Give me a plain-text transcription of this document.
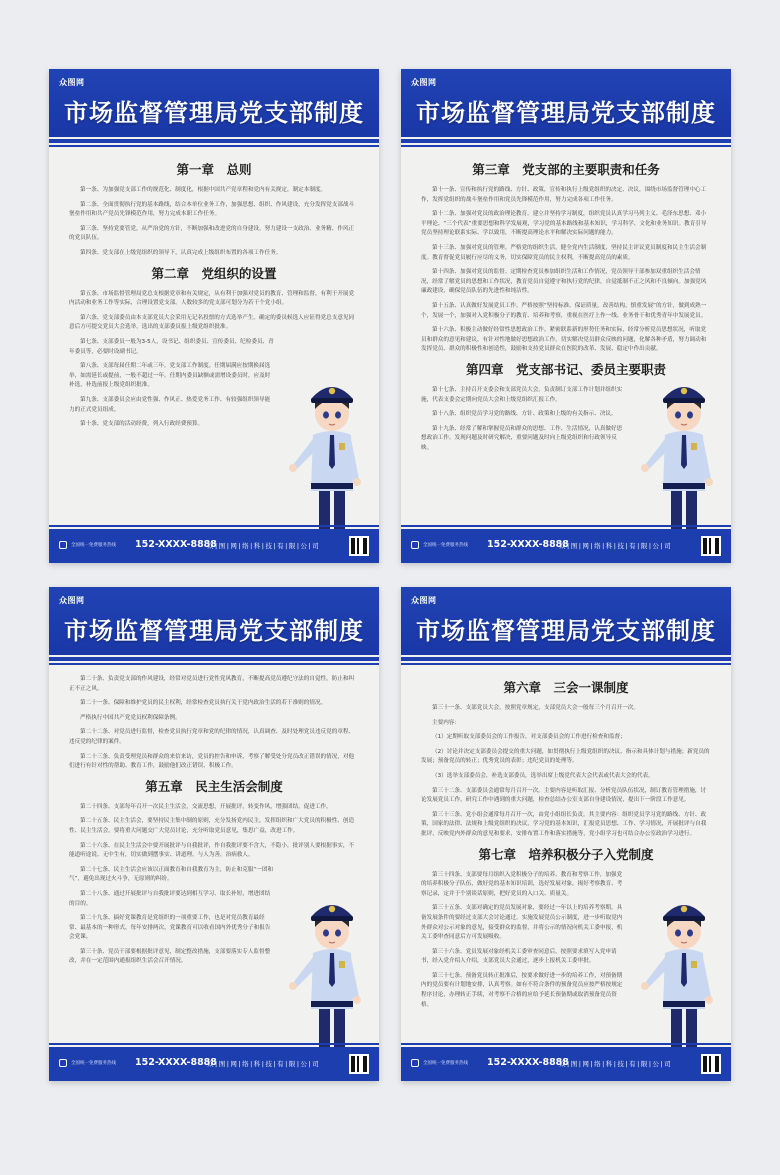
众图网
市场监督管理局党支部制度
第一章　总则
第一条、为加强党支部工作的规范化、制度化，根据中国共产党章程和党内有关规定，制定本制度。
第二条、全面贯彻执行党的基本路线，结合本单位业务工作，加强思想、组织、作风建设，充分发挥党支部战斗堡垒作用和共产党员先锋模范作用，努力完成本职工作任务。
第三条、坚持党要管党，从严治党的方针，不断加强和改进党的自身建设。努力建设一支政治、业务精、作风正的党员队伍。
第四条、党支部在上级党组织的领导下，认真完成上级组织布置的各项工作任务。
第二章　党组织的设置
第五条、市场监督管理局党总支根据党章和有关规定，从有利于加强对党员的教育、管理和监督，有利于开展党内活动和业务工作等实际，合理设置党支部。人数较多的党支部可划分为若干个党小组。
第六条、党支部委员由本支部党员大会采用无记名投票的方式选举产生。确定的委员候选人应征得党总支意见同意后方可提交党员大会选举，选出的支部委员报上级党组织批准。
第七条、支部委员一般为3-5人，设书记、组织委员、宣传委员、纪检委员、青年委员等，必要时设副书记。
第八条、支部每届任期二年或三年。党支部工作制度。任期届满应按期换届选举，如需延长或提前，一般不超过一年。任期内委员缺额或需增设委员时，应及时补选，补选前报上级党组织批准。
第九条、支部委员会应由党性强、作风正、热爱党务工作、有较强组织领导能力的正式党员组成。
第十条、党支部的活动经费，列入行政经费预算。
全国统一免费服务热线 152-XXXX-8888
众|图|网|络|科|技|有|限|公|司
众图网
市场监督管理局党支部制度
第三章　党支部的主要职责和任务
第十一条、宣传和执行党的路线、方针、政策，宣传和执行上级党组织的决定、决议，围绕市场监督管理中心工作，发挥党组织的战斗堡垒作用和党员先锋模范作用，努力完成各项工作任务。
第十二条、加强对党员的政治理论教育。建立并坚持学习制度，组织党员认真学习马列主义、毛泽东思想、邓小平理论、“三个代表”重要思想和科学发展观，学习党的基本路线和基本知识，学习科学、文化和业务知识。教育引导党员坚持理论联系实际、学以致用，不断提高理论水平和解决实际问题的能力。
第十三条、加强对党员的管理。严格党的组织生活，健全党内生活制度，坚持民主评议党员制度和民主生活会制度。教育督促党员履行应尽的义务，切实保障党员的民主权利，不断提高党员的素质。
第十四条、加强对党员的监督。定期检查党员参加组织生活和工作情况，党员领导干部参加双重组织生活会情况，经常了解党员的思想和工作状况，教育党员自觉遵守和执行党的纪律，自觉抵制不正之风和不良倾向。加强党风廉政建设，确保党员队伍的先进性和纯洁性。
第十五条、认真做好发展党员工作。严格按照“坚持标准，保证质量，改善结构，慎重发展”的方针，做到成熟一个，发展一个，加强对入党积极分子的教育、培养和考察，重视在医疗上作一线、业务骨干和优秀青年中发展党员。
第十六条、积极主动做好经常性思想政治工作。紧密联系新的形势任务和实际，经常分析党员思想状况，听取党员和群众的意见和建议，有针对性地做好思想政治工作。切实解决党员群众反映的问题，化解各种矛盾，努力调动和发挥党员、群众的积极性和创造性，鼓励和支持党员群众在医院的改革、发展、稳定中作出贡献。
第四章　党支部书记、委员主要职责
第十七条、主持召开支委会和支部党员大会。负责制订支部工作计划并组织实施，代表支委会定期向党员大会和上级党组织汇报工作。
第十八条、组织党员学习党的路线、方针、政策和上级的有关指示、决议。
第十九条、经常了解和掌握党员和群众的思想、工作、生活情况，认真做好思想政治工作。发现问题及时研究解决，重要问题及时向上级党组织和行政领导反映。
全国统一免费服务热线 152-XXXX-8888
众|图|网|络|科|技|有|限|公|司
众图网
市场监督管理局党支部制度
第二十条、负责党支部的作风建设，经常对党员进行党性党风教育，不断提高党员遵纪守法的自觉性，防止和纠正不正之风。
第二十一条、保障和维护党员的民主权利，经常检查党员执行关于党内政治生活的若干准则的情况。
严格执行中国共产党党员权利保障条例。
第二十二条、对党员进行监督，检查党员执行党章和党的纪律的情况，认真调查、及时处理党员违反党的章程、违反党的纪律的案件。
第二十三条、负责受理党员和群众的来信来访，党员的控告和申诉，考察了解受处分党员改正错误的情况，对他们进行有针对性的帮助、教育工作，鼓励他们改正错误、积极工作。
第五章　民主生活会制度
第二十四条、支部每年召开一次民主生活会，交流思想，开展批评，转变作风，增强团结，促进工作。
第二十五条、民主生活会，要坚持民主集中制的原则，充分发扬党内民主，发挥组织和广大党员的积极性、创造性、民主生活会，要将重大问题交广大党员讨论，充分听取党员意见，集思广益，改进工作。
第二十六条、在民主生活会中要开展批评与自我批评，作自我批评要不含大，不隐小，批评别人要根据事实，不能道听途说、无中生有，切实做到摆事实、讲道理，与人为善，治病救人。
第二十七条、民主生活会应该以正面教育和自我教育为主，防止和克服“一团和气”，避免出现过火斗争，无原则的纠纷。
第二十八条、通过开展批评与自我批评要达到相互学习、取长补短，增进团结的目的。
第二十九条、搞好党课教育是党组织的一项重要工作，也是对党员教育最经常、最基本的一种形式，每年安排两次，党课教育可以收看国内外优秀分子和报告会党课。
第三十条、党员干部要根据批评意见，制定整改措施，支部要落实专人监督整改，并在一定范围内通报组织生活会召开情况。
全国统一免费服务热线 152-XXXX-8888
众|图|网|络|科|技|有|限|公|司
众图网
市场监督管理局党支部制度
第六章　三会一课制度
第三十一条、支部党员大会，按照党章规定，支部党员大会一般每三个月召开一次。
主要内容：
（1）定期听取支部委员会的工作报告，对支部委员会的工作进行检查和监督；
（2）讨论并决定支部委员会提交的重大问题，如贯彻执行上级党组织的决议、指示和具体计划与措施；新党员的发展；预备党员的转正；优秀党员的表彰；违纪党员的处理等。
（3）选举支部委员会，补选支部委员，选举出席上级党代表大会代表或代表大会的代表。
第三十二条、支部委员会通常每月召开一次。主要内容是听取汇报、分析党员队伍状况，制订教育管理措施，讨论发展党员工作，研究工作中遇到的重大问题，检查总结办公室支部自身建设情况，提出下一阶段工作意见。
第三十三条、党小组会通常每月召开一次，由党小组组长负责。其主要内容：组织党员学习党的路线、方针、政策，国家的法律、法规和上级党组织的决议，学习党的基本知识，汇报党员思想、工作、学习情况，开展批评与自我批评，反映党内外群众的意见和要求，安排布置工作和落实措施等，党小组学习也可结合办公室政治学习进行。
第七章　培养积极分子入党制度
第三十四条、支部要每月组织入党积极分子的培养、教育和考察工作，加强党的培养积极分子队伍，做好党的基本知识培训，选好发展对象，揭好考察教育、考察记录，定并于个别谈话原则，把好党员的入口关、质量关。
第三十五条、支部对确定的党员发展对象，要经过一年以上的培养考察期，具备发展条件的要经过支部大会讨论通过。实施发展党员公示制度，进一步听取党内外群众对公示对象的意见，接受群众的监督，并将公示的情况向机关工委申报，机关工委审查同意后方可发展吸收。
第三十六条、党员发展对象经机关工委审查同意后，按照要求填写入党申请书，经入党介绍人介绍，支部党员大会通过，逐步上报机关工委审批。
第三十七条、预备党员转正批准后，按要求做好进一步的培养工作，对预备期内的党员要有计划地安排，认真考察。如有不符合条件的预备党员应按严格按规定程序讨论，办理转正手续，对考察不合格的应给予延长预备期或取消预备党员资格。
全国统一免费服务热线 152-XXXX-8888
众|图|网|络|科|技|有|限|公|司
